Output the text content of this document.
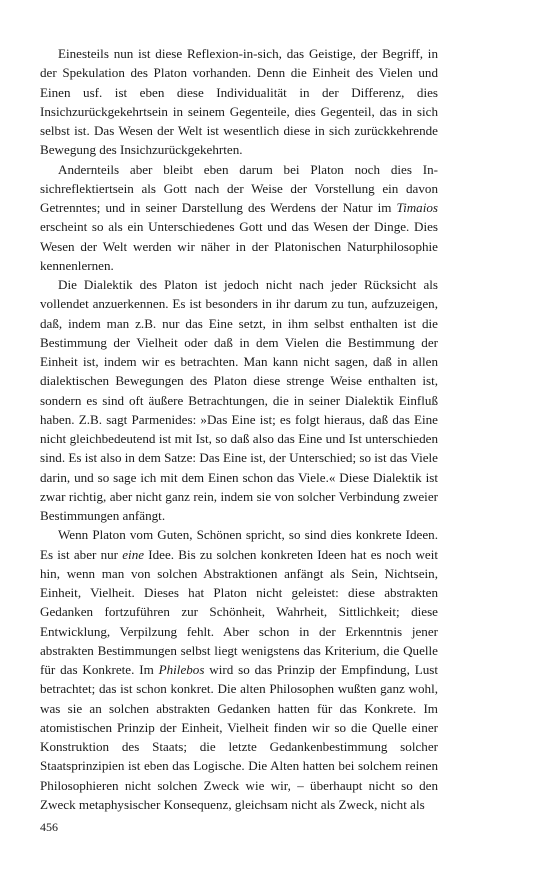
Einesteils nun ist diese Reflexion-in-sich, das Geistige, der Begriff, in der Spekulation des Platon vorhanden. Denn die Einheit des Vielen und Einen usf. ist eben diese Individualität in der Differenz, dies Insichzurückgekehrtsein in seinem Gegenteile, dies Gegenteil, das in sich selbst ist. Das Wesen der Welt ist wesentlich diese in sich zurückkehrende Bewegung des Insichzurückgekehrten.

Andernteils aber bleibt eben darum bei Platon noch dies Insichreflektiertsein als Gott nach der Weise der Vorstellung ein davon Getrenntes; und in seiner Darstellung des Werdens der Natur im Timaios erscheint so als ein Unterschiedenes Gott und das Wesen der Dinge. Dies Wesen der Welt werden wir näher in der Platonischen Naturphilosophie kennenlernen.

Die Dialektik des Platon ist jedoch nicht nach jeder Rücksicht als vollendet anzuerkennen. Es ist besonders in ihr darum zu tun, aufzuzeigen, daß, indem man z.B. nur das Eine setzt, in ihm selbst enthalten ist die Bestimmung der Vielheit oder daß in dem Vielen die Bestimmung der Einheit ist, indem wir es betrachten. Man kann nicht sagen, daß in allen dialektischen Bewegungen des Platon diese strenge Weise enthalten ist, sondern es sind oft äußere Betrachtungen, die in seiner Dialektik Einfluß haben. Z.B. sagt Parmenides: »Das Eine ist; es folgt hieraus, daß das Eine nicht gleichbedeutend ist mit Ist, so daß also das Eine und Ist unterschieden sind. Es ist also in dem Satze: Das Eine ist, der Unterschied; so ist das Viele darin, und so sage ich mit dem Einen schon das Viele.« Diese Dialektik ist zwar richtig, aber nicht ganz rein, indem sie von solcher Verbindung zweier Bestimmungen anfängt.

Wenn Platon vom Guten, Schönen spricht, so sind dies konkrete Ideen. Es ist aber nur eine Idee. Bis zu solchen konkreten Ideen hat es noch weit hin, wenn man von solchen Abstraktionen anfängt als Sein, Nichtsein, Einheit, Vielheit. Dieses hat Platon nicht geleistet: diese abstrakten Gedanken fortzuführen zur Schönheit, Wahrheit, Sittlichkeit; diese Entwicklung, Verpilzung fehlt. Aber schon in der Erkenntnis jener abstrakten Bestimmungen selbst liegt wenigstens das Kriterium, die Quelle für das Konkrete. Im Philebos wird so das Prinzip der Empfindung, Lust betrachtet; das ist schon konkret. Die alten Philosophen wußten ganz wohl, was sie an solchen abstrakten Gedanken hatten für das Konkrete. Im atomistischen Prinzip der Einheit, Vielheit finden wir so die Quelle einer Konstruktion des Staats; die letzte Gedankenbestimmung solcher Staatsprinzipien ist eben das Logische. Die Alten hatten bei solchem reinen Philosophieren nicht solchen Zweck wie wir, – überhaupt nicht so den Zweck metaphysischer Konsequenz, gleichsam nicht als Zweck, nicht als

456
